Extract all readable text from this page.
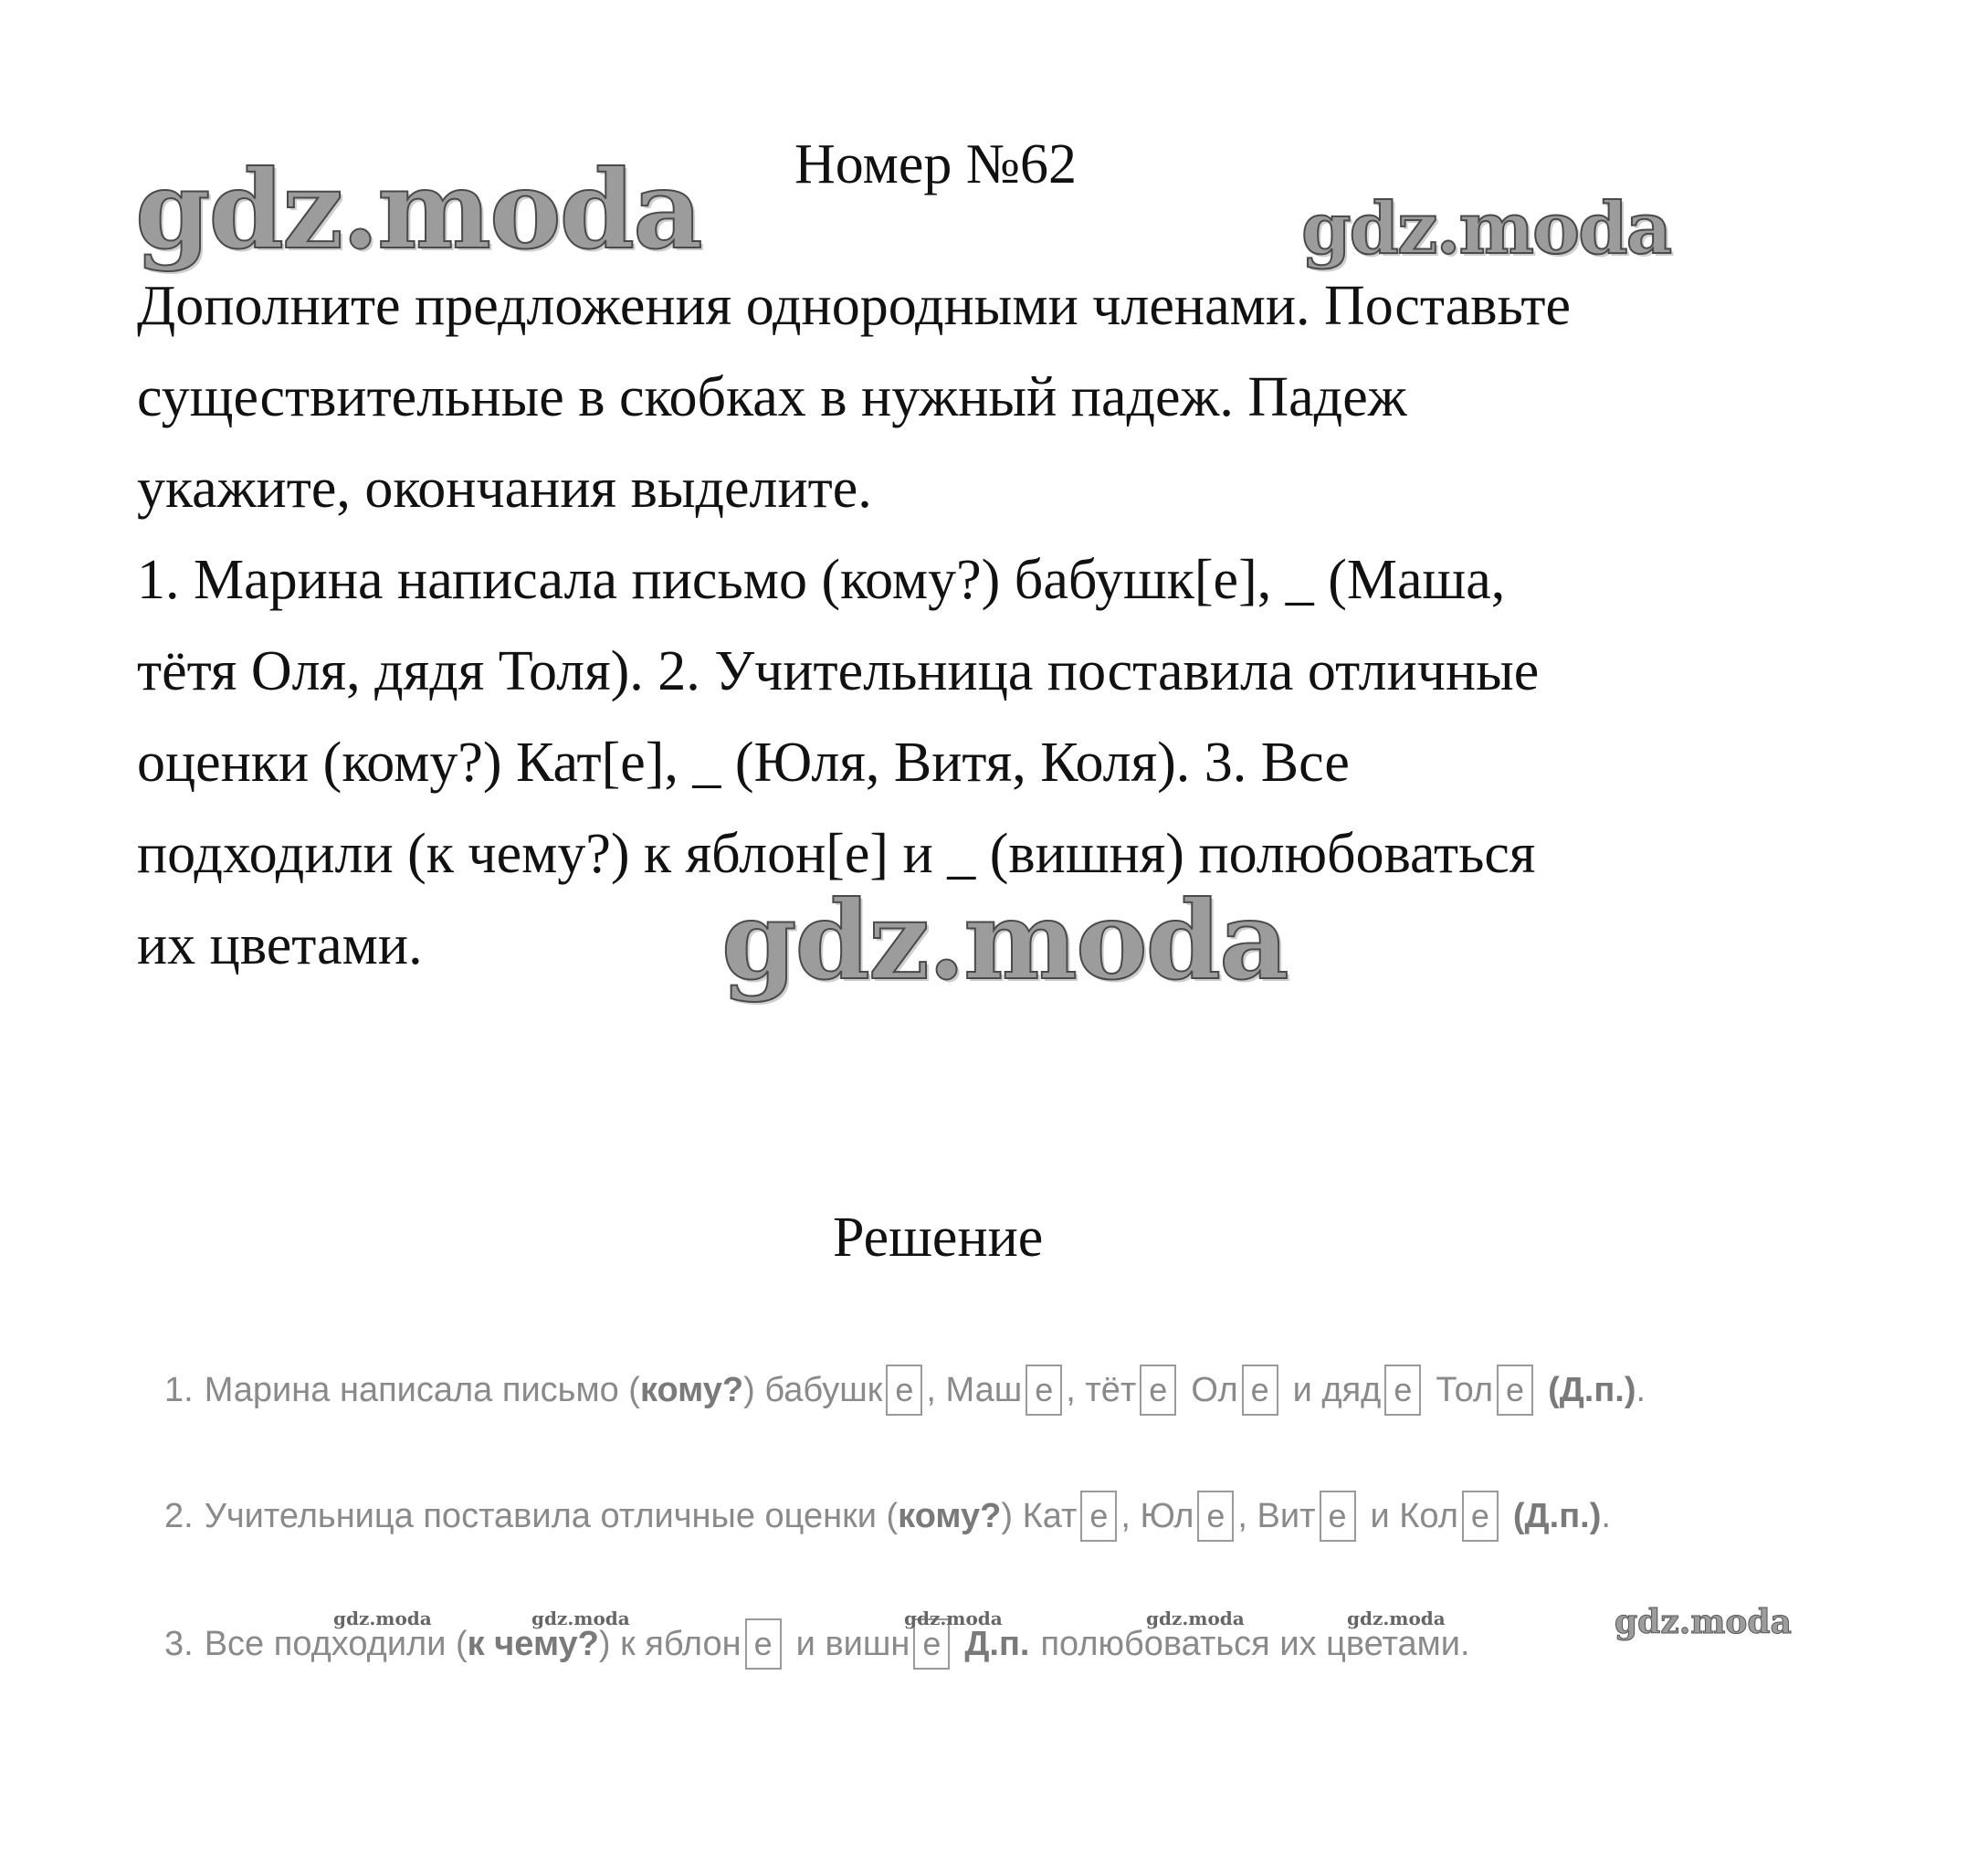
gdz.moda	gdz.moda
gdz.moda
Номер №62

Дополните предложения однородными членами. Поставьте

существительные в скобках в нужный падеж. Падеж

укажите, окончания выделите.

1. Марина написала письмо (кому?) бабушк[е], _ (Маша,

тётя Оля, дядя Толя). 2. Учительница поставила отличные

оценки (кому?) Кат[е], _ (Юля, Витя, Коля). 3. Все

подходили (к чему?) к яблон[е] и _ (вишня) полюбоваться

их цветами.

Решение
1. Марина написала письмо ( кому? ) бабушк е , Маш е , тёт е Ол е и дяд е Тол е (Д.п.) .
2. Учительница поставила отличные оценки ( кому? ) Кат е , Юл е , Вит е и Кол е (Д.п.) .
3. Все подходили ( к чему? ) к яблон е и вишн е Д.п. полюбоваться их цветами.
gdz.moda	gdz.moda	gdz.moda	gdz.moda	gdz.moda	gdz.moda
